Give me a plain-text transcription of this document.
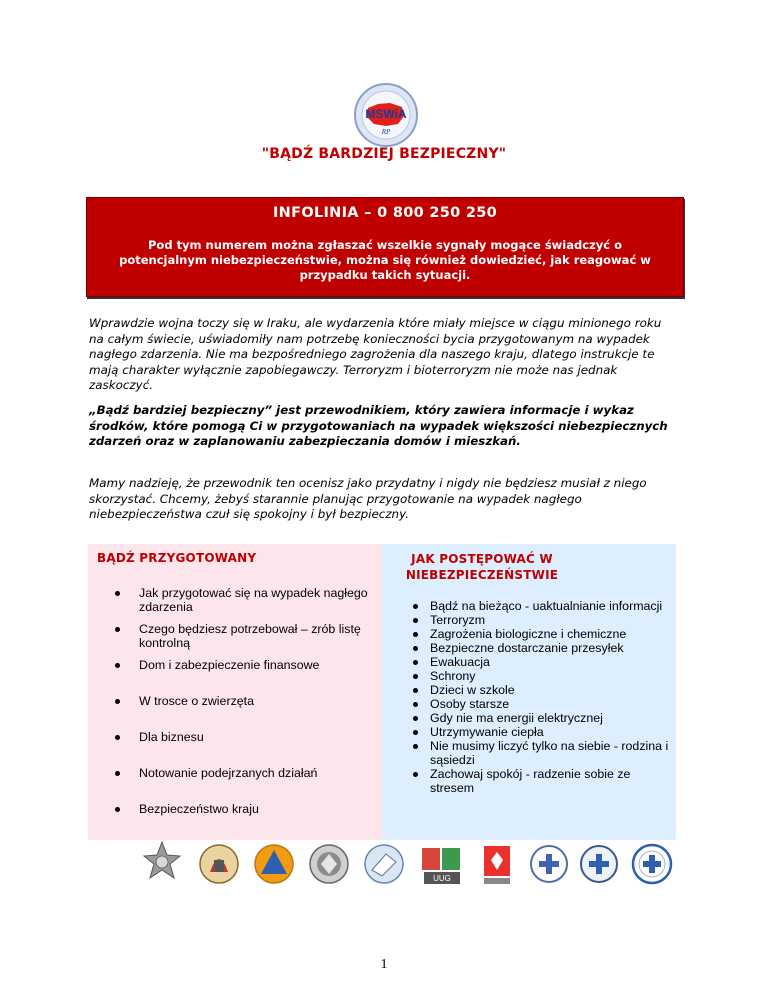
MSWiA
RP
"BĄDŹ BARDZIEJ BEZPIECZNY"
INFOLINIA – 0 800 250 250
Pod tym numerem można zgłaszać wszelkie sygnały mogące świadczyć o potencjalnym niebezpieczeństwie, można się również dowiedzieć, jak reagować w przypadku takich sytuacji.
Wprawdzie wojna toczy się w Iraku, ale wydarzenia które miały miejsce w ciągu minionego roku na całym świecie, uświadomiły nam potrzebę konieczności bycia przygotowanym na wypadek nagłego zdarzenia. Nie ma bezpośredniego zagrożenia dla naszego kraju, dlatego instrukcje te mają charakter wyłącznie zapobiegawczy. Terroryzm i bioterroryzm nie może nas jednak zaskoczyć.
„Bądź bardziej bezpieczny” jest przewodnikiem, który zawiera informacje i wykaz środków, które pomogą Ci w przygotowaniach na wypadek większości niebezpiecznych zdarzeń oraz w zaplanowaniu zabezpieczania domów i mieszkań.
Mamy nadzieję, że przewodnik ten ocenisz jako przydatny i nigdy nie będziesz musiał z niego skorzystać. Chcemy, żebyś starannie planując przygotowanie na wypadek nagłego niebezpieczeństwa czuł się spokojny i był bezpieczny.
BĄDŹ PRZYGOTOWANY
Jak przygotować się na wypadek nagłego zdarzenia
Czego będziesz potrzebował – zrób listę kontrolną
Dom i zabezpieczenie finansowe
W trosce o zwierzęta
Dla biznesu
Notowanie podejrzanych działań
Bezpieczeństwo kraju
JAK POSTĘPOWAĆ W NIEBEZPIECZEŃSTWIE
Bądź na bieżąco - uaktualnianie informacji
Terroryzm
Zagrożenia biologiczne i chemiczne
Bezpieczne dostarczanie przesyłek
Ewakuacja
Schrony
Dzieci w szkole
Osoby starsze
Gdy nie ma energii elektrycznej
Utrzymywanie ciepła
Nie musimy liczyć tylko na siebie - rodzina i sąsiedzi
Zachowaj spokój - radzenie sobie ze stresem
UUG
1
